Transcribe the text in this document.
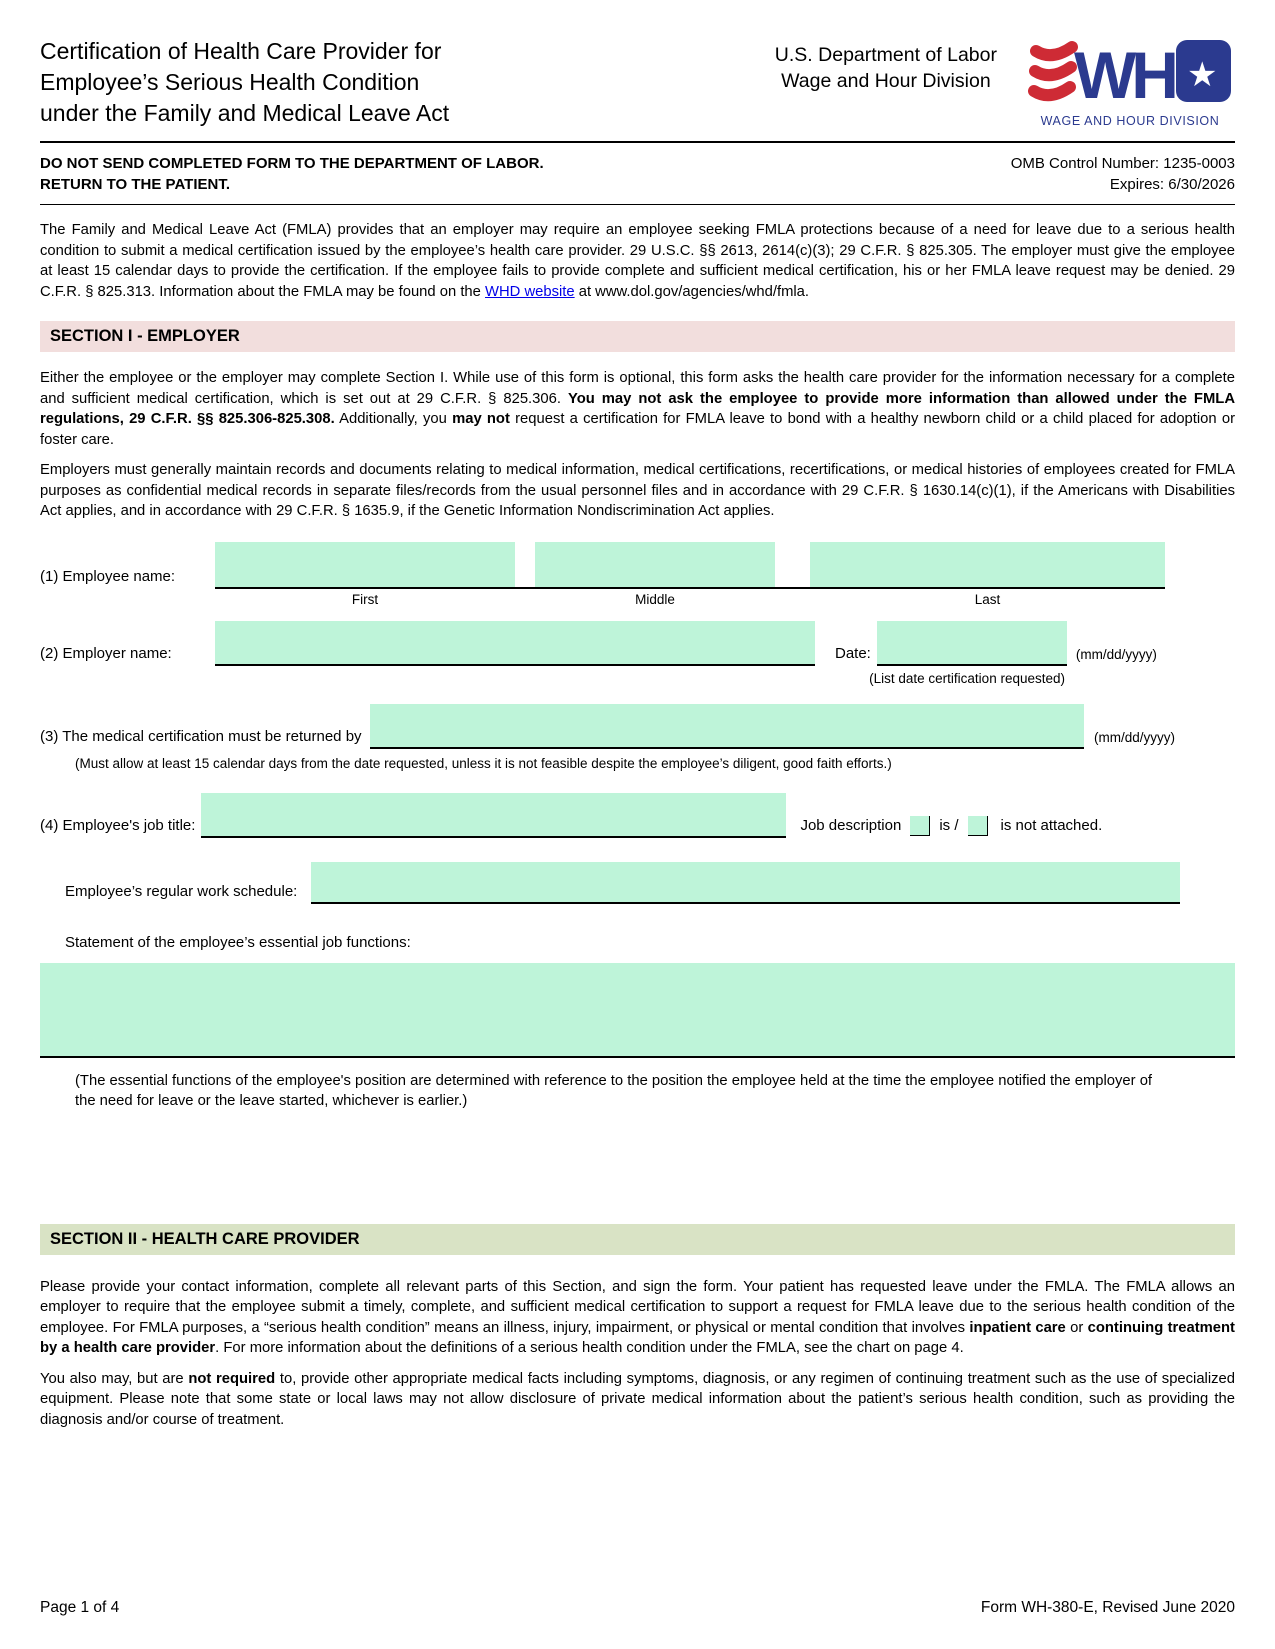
Certification of Health Care Provider for
Employee’s Serious Health Condition
under the Family and Medical Leave Act
U.S. Department of Labor
Wage and Hour Division WH ★
WAGE AND HOUR DIVISION
DO NOT SEND COMPLETED FORM TO THE DEPARTMENT OF LABOR.
RETURN TO THE PATIENT.
OMB Control Number: 1235-0003
Expires: 6/30/2026
The Family and Medical Leave Act (FMLA) provides that an employer may require an employee seeking FMLA protections because of a need for leave due to a serious health condition to submit a medical certification issued by the employee’s health care provider. 29 U.S.C. §§ 2613, 2614(c)(3); 29 C.F.R. § 825.305. The employer must give the employee at least 15 calendar days to provide the certification. If the employee fails to provide complete and sufficient medical certification, his or her FMLA leave request may be denied. 29 C.F.R. § 825.313. Information about the FMLA may be found on the WHD website at www.dol.gov/agencies/whd/fmla.
SECTION I - EMPLOYER
Either the employee or the employer may complete Section I. While use of this form is optional, this form asks the health care provider for the information necessary for a complete and sufficient medical certification, which is set out at 29 C.F.R. § 825.306. You may not ask the employee to provide more information than allowed under the FMLA regulations, 29 C.F.R. §§ 825.306-825.308. Additionally, you may not request a certification for FMLA leave to bond with a healthy newborn child or a child placed for adoption or foster care.
Employers must generally maintain records and documents relating to medical information, medical certifications, recertifications, or medical histories of employees created for FMLA purposes as confidential medical records in separate files/records from the usual personnel files and in accordance with 29 C.F.R. § 1630.14(c)(1), if the Americans with Disabilities Act applies, and in accordance with 29 C.F.R. § 1635.9, if the Genetic Information Nondiscrimination Act applies.
(1) Employee name:
First	Middle	Last
(2) Employer name:	Date:	(mm/dd/yyyy)
(List date certification requested)
(3) The medical certification must be returned by	(mm/dd/yyyy)
(Must allow at least 15 calendar days from the date requested, unless it is not feasible despite the employee’s diligent, good faith efforts.)
(4) Employee's job title:	Job description	is /	is not attached.
Employee’s regular work schedule:
Statement of the employee’s essential job functions:
(The essential functions of the employee's position are determined with reference to the position the employee held at the time the employee notified the employer of the need for leave or the leave started, whichever is earlier.)
SECTION II - HEALTH CARE PROVIDER
Please provide your contact information, complete all relevant parts of this Section, and sign the form. Your patient has requested leave under the FMLA. The FMLA allows an employer to require that the employee submit a timely, complete, and sufficient medical certification to support a request for FMLA leave due to the serious health condition of the employee. For FMLA purposes, a “serious health condition” means an illness, injury, impairment, or physical or mental condition that involves inpatient care or continuing treatment by a health care provider. For more information about the definitions of a serious health condition under the FMLA, see the chart on page 4.
You also may, but are not required to, provide other appropriate medical facts including symptoms, diagnosis, or any regimen of continuing treatment such as the use of specialized equipment. Please note that some state or local laws may not allow disclosure of private medical information about the patient’s serious health condition, such as providing the diagnosis and/or course of treatment.
Page 1 of 4	Form WH-380-E, Revised June 2020
